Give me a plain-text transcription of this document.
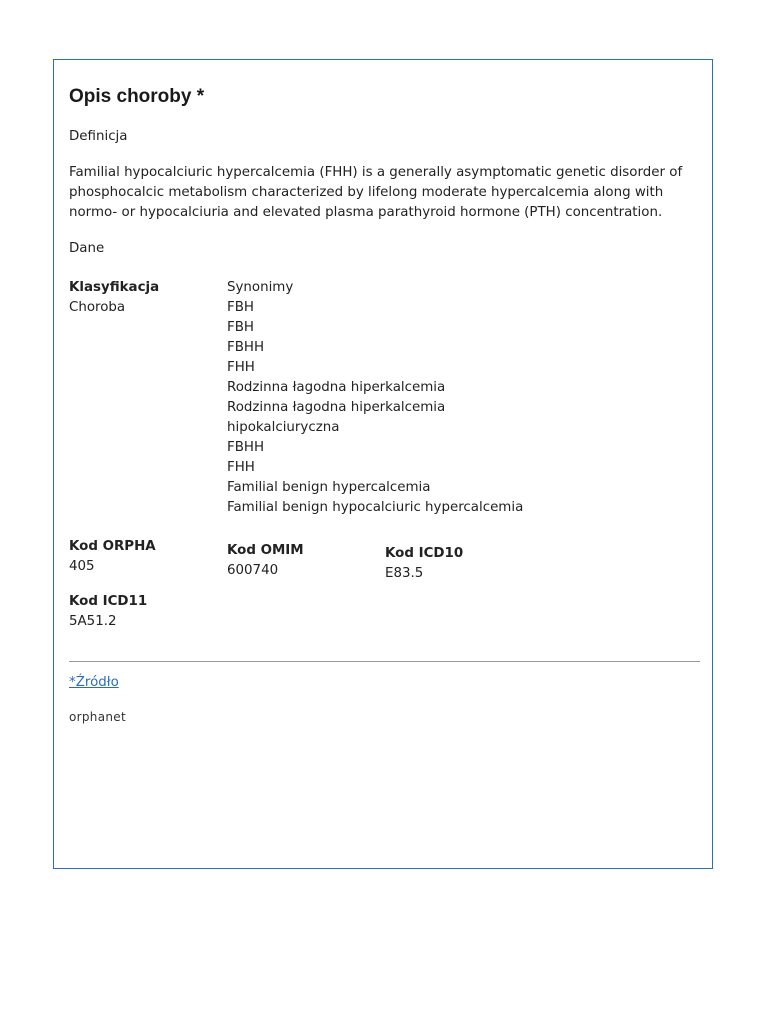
Opis choroby *
Definicja
Familial hypocalciuric hypercalcemia (FHH) is a generally asymptomatic genetic disorder of phosphocalcic metabolism characterized by lifelong moderate hypercalcemia along with normo- or hypocalciuria and elevated plasma parathyroid hormone (PTH) concentration.
Dane
Klasyfikacja
Choroba
Synonimy
FBH
FBH
FBHH
FHH
Rodzinna łagodna hiperkalcemia
Rodzinna łagodna hiperkalcemia
hipokalciuryczna
FBHH
FHH
Familial benign hypercalcemia
Familial benign hypocalciuric hypercalcemia
Kod ORPHA
405
Kod OMIM
600740
Kod ICD10
E83.5
Kod ICD11
5A51.2
*Źródło
orphanet
